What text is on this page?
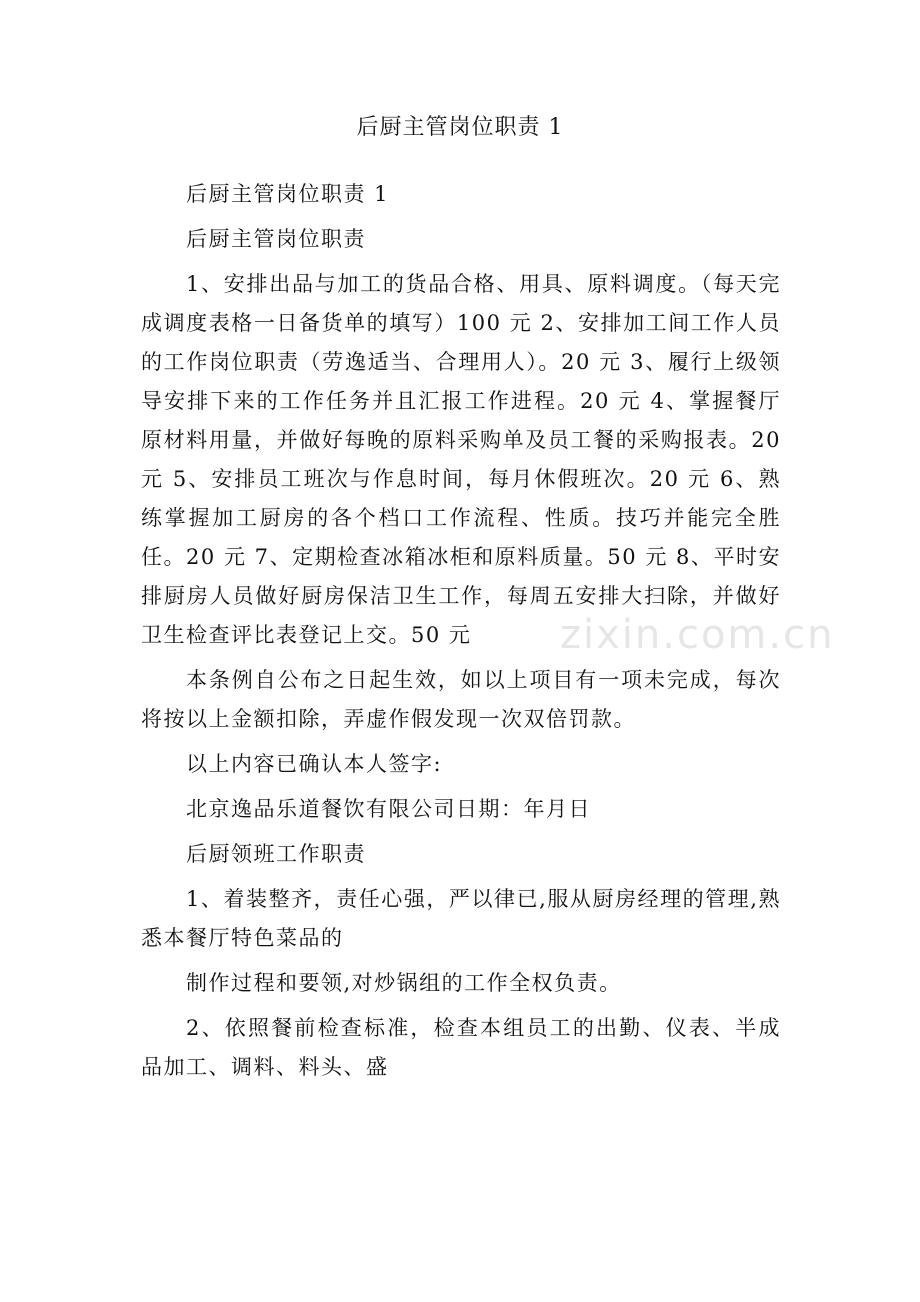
后厨主管岗位职责 1

后厨主管岗位职责 1

后厨主管岗位职责

1、安排出品与加工的货品合格、用具、原料调度。（每天完成调度表格一日备货单的填写）100 元 2、安排加工间工作人员的工作岗位职责（劳逸适当、合理用人）。20 元 3、履行上级领导安排下来的工作任务并且汇报工作进程。20 元 4、掌握餐厅原材料用量，并做好每晚的原料采购单及员工餐的采购报表。20 元 5、安排员工班次与作息时间，每月休假班次。20 元 6、熟练掌握加工厨房的各个档口工作流程、性质。技巧并能完全胜任。20 元 7、定期检查冰箱冰柜和原料质量。50 元 8、平时安排厨房人员做好厨房保洁卫生工作，每周五安排大扫除，并做好卫生检查评比表登记上交。50 元

本条例自公布之日起生效，如以上项目有一项未完成，每次将按以上金额扣除，弄虚作假发现一次双倍罚款。

以上内容已确认本人签字:

北京逸品乐道餐饮有限公司日期：年月日

后厨领班工作职责

1、着装整齐，责任心强，严以律已,服从厨房经理的管理,熟悉本餐厅特色菜品的

制作过程和要领,对炒锅组的工作全权负责。

2、依照餐前检查标准，检查本组员工的出勤、仪表、半成品加工、调料、料头、盛

zixin.com.cn
